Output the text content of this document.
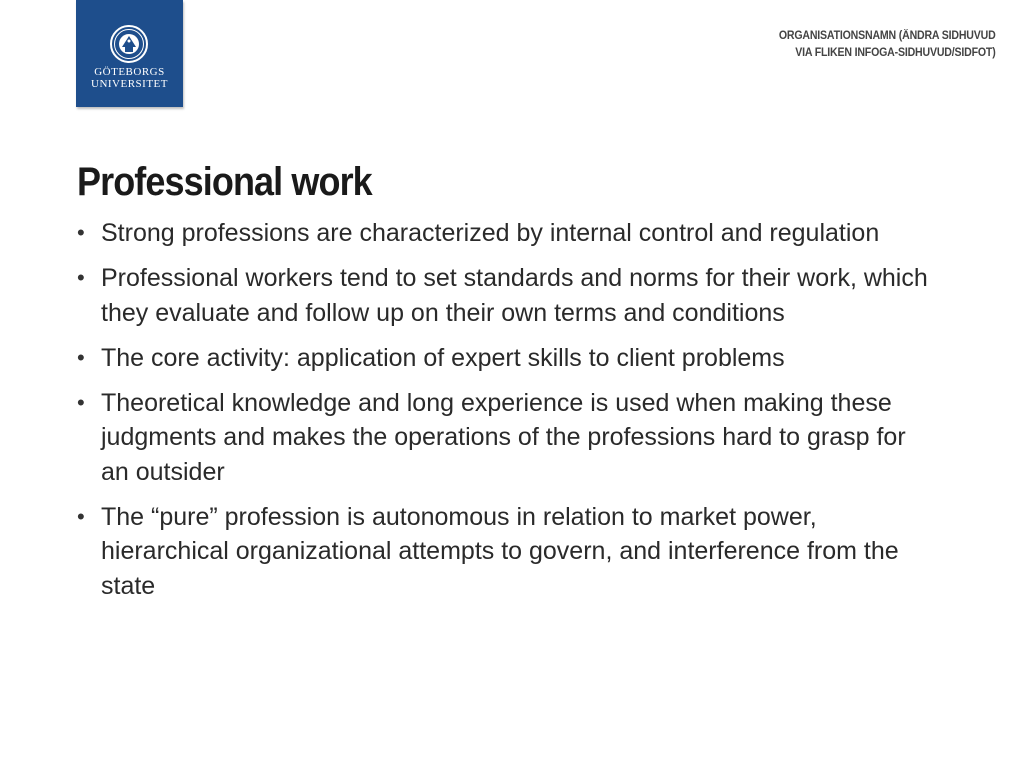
GÖTEBORGS
UNIVERSITET
ORGANISATIONSNAMN (ÄNDRA SIDHUVUD
VIA FLIKEN INFOGA-SIDHUVUD/SIDFOT)
Professional work
• Strong professions are characterized by internal control and regulation
• Professional workers tend to set standards and norms for their work, which they evaluate and follow up on their own terms and conditions
• The core activity: application of expert skills to client problems
• Theoretical knowledge and long experience is used when making these judgments and makes the operations of the professions hard to grasp for an outsider
• The “pure” profession is autonomous in relation to market power, hierarchical organizational attempts to govern, and interference from the state
